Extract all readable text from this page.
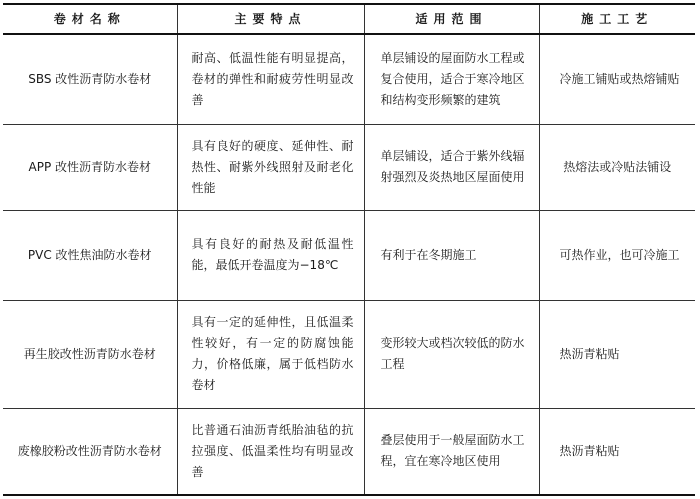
卷材名称	主要特点	适用范围	施工工艺
SBS 改性沥青防水卷材	耐高、低温性能有明显提高，卷材的弹性和耐疲劳性明显改善	单层铺设的屋面防水工程或复合使用，适合于寒冷地区和结构变形频繁的建筑	冷施工铺贴或热熔铺贴
APP 改性沥青防水卷材	具有良好的硬度、延伸性、耐热性、耐紫外线照射及耐老化性能	单层铺设，适合于紫外线辐射强烈及炎热地区屋面使用	热熔法或冷贴法铺设
PVC 改性焦油防水卷材	具有良好的耐热及耐低温性能，最低开卷温度为−18℃	有利于在冬期施工	可热作业，也可冷施工
再生胶改性沥青防水卷材	具有一定的延伸性，且低温柔性较好，有一定的防腐蚀能力，价格低廉，属于低档防水卷材	变形较大或档次较低的防水工程	热沥青粘贴
废橡胶粉改性沥青防水卷材	比普通石油沥青纸胎油毡的抗拉强度、低温柔性均有明显改善	叠层使用于一般屋面防水工程，宜在寒冷地区使用	热沥青粘贴
